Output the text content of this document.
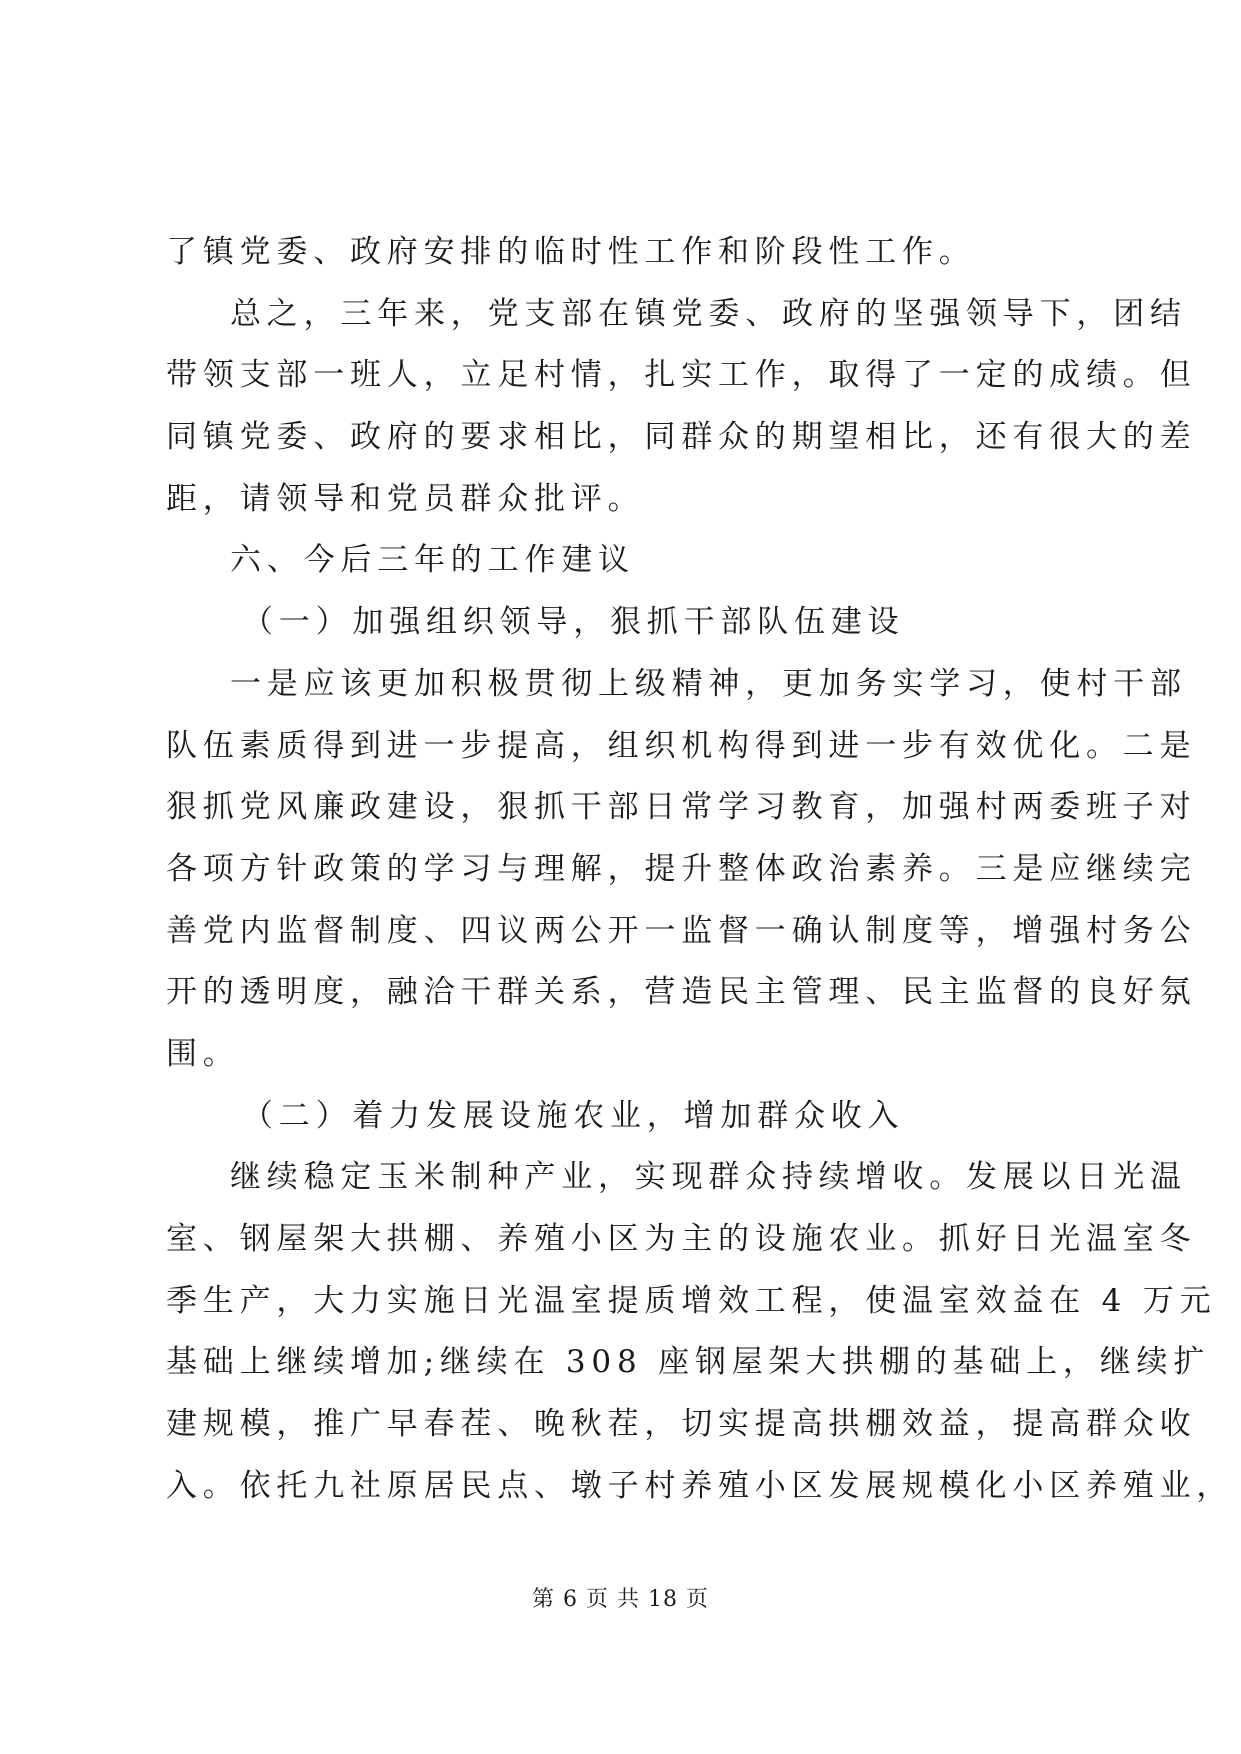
了镇党委、政府安排的临时性工作和阶段性工作。
总之，三年来，党支部在镇党委、政府的坚强领导下，团结
带领支部一班人，立足村情，扎实工作，取得了一定的成绩。但
同镇党委、政府的要求相比，同群众的期望相比，还有很大的差
距，请领导和党员群众批评。
六、今后三年的工作建议
（一）加强组织领导，狠抓干部队伍建设
一是应该更加积极贯彻上级精神，更加务实学习，使村干部
队伍素质得到进一步提高，组织机构得到进一步有效优化。二是
狠抓党风廉政建设，狠抓干部日常学习教育，加强村两委班子对
各项方针政策的学习与理解，提升整体政治素养。三是应继续完
善党内监督制度、四议两公开一监督一确认制度等，增强村务公
开的透明度，融洽干群关系，营造民主管理、民主监督的良好氛
围。
（二）着力发展设施农业，增加群众收入
继续稳定玉米制种产业，实现群众持续增收。发展以日光温
室、钢屋架大拱棚、养殖小区为主的设施农业。抓好日光温室冬
季生产，大力实施日光温室提质增效工程，使温室效益在 4 万元
基础上继续增加;继续在 308 座钢屋架大拱棚的基础上，继续扩
建规模，推广早春茬、晚秋茬，切实提高拱棚效益，提高群众收
入。依托九社原居民点、墩子村养殖小区发展规模化小区养殖业，
第 6 页 共 18 页
